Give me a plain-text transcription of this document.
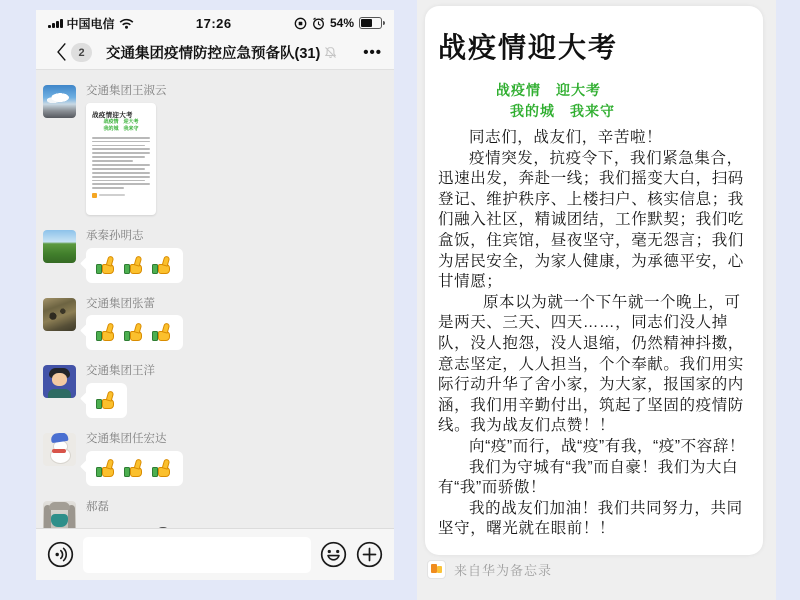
中国电信	17:26	54%
〈	2	交通集团疫情防控应急预备队(31)	•••
交通集团王淑云
战疫情迎大考
战疫情　迎大考
我的城　我来守
承秦孙明志
交通集团张蕾
交通集团王洋
交通集团任宏达
郝磊
战疫情迎大考
战疫情　迎大考
我的城　我来守

同志们，战友们，辛苦啦！

疫情突发，抗疫令下，我们紧急集合，迅速出发，奔赴一线；我们摇变大白，扫码登记、维护秩序、上楼扫户、核实信息；我们融入社区，精诚团结，工作默契；我们吃盒饭，住宾馆，昼夜坚守，毫无怨言；我们为居民安全，为家人健康，为承德平安，心甘情愿；

原本以为就一个下午就一个晚上，可是两天、三天、四天……，同志们没人掉队，没人抱怨，没人退缩，仍然精神抖擞，意志坚定，人人担当，个个奉献。我们用实际行动升华了舍小家，为大家，报国家的内涵，我们用辛勤付出，筑起了坚固的疫情防线。我为战友们点赞！！

向“疫”而行，战“疫”有我，“疫”不容辞！

我们为守城有“我”而自豪！我们为大白有“我”而骄傲！

我的战友们加油！我们共同努力，共同坚守，曙光就在眼前！！

来自华为备忘录
